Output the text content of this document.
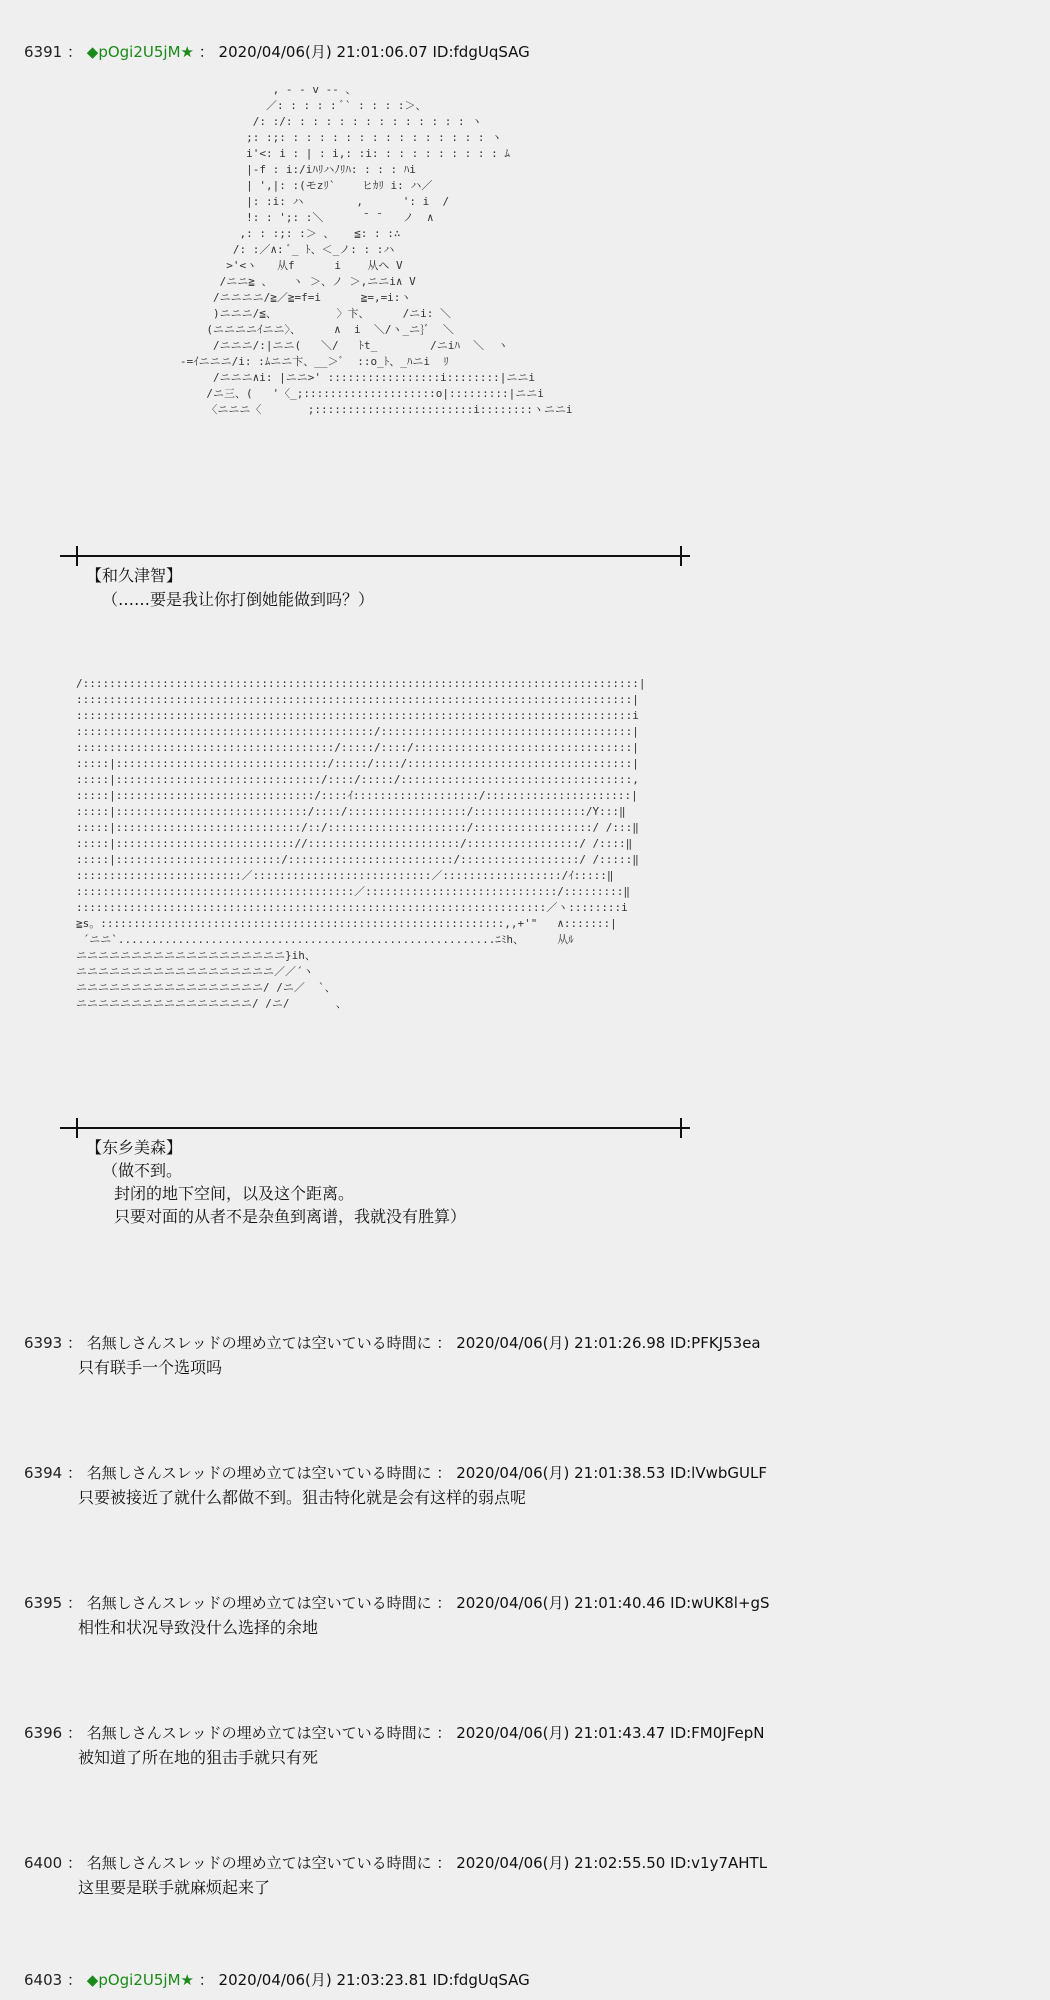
6391 ： ◆pOgi2U5jM★ ： 2020/04/06(月) 21:01:06.07 ID:fdgUqSAG
, - - v -- 、
／: : : : : ﾞ` : : : :＞、
/: :/: : : : : : : : : : : : : : ヽ
;: :;: : : : : : : : : : : : : : : : ヽ
i'<: i : | : i,: :i: : : : : : : : : : ﾑ
|-f : i:/iﾊﾘハﾉﾘﾊ: : : : ﾊi
| ',|: :(モzﾘ`    ヒｶﾘ i: ハ／
|: :i: ハ        ,      ': i  /
!: : ';: :＼      ¯ ¯   ノ  ∧
,: : :;: :＞ 、   ≦: : :∴
/: :／∧: ﾞ_ ﾄ、＜_ノ: : :ハ
>'<ヽ   从f      i    从ヘ V
/ニニ≧ 、   ヽ ＞、ノ ＞,ニニi∧ V
/ニニニニ/≧／≧=f=i      ≧=,=i:ヽ
)ニニニ/≦、         〉卞、     /ニi: ＼
(ニニニニｲニニ〉、     ∧  i  ＼/ヽ_ニ}ﾞ  ＼
/ニニニ/:|ニニ(   ＼/   ﾄt_        /ニiﾊ  ＼  ヽ
-=ｲニニニ/i: :ﾑニニ卞、__＞ﾞ  ::o_ﾄ、_ﾊニi  ﾘ
/ニニニ∧i: |ニニ>' :::::::::::::::::i::::::::|ニニi
/ニ三、(   '〈_;::::::::::::::::::::o|:::::::::|ニニi
〈ニニニ〈       ;::::::::::::::::::::::::i::::::::ヽニニi
【和久津智】
（……要是我让你打倒她能做到吗？）
/::::::::::::::::::::::::::::::::::::::::::::::::::::::::::::::::::::::::::::::::::::|
::::::::::::::::::::::::::::::::::::::::::::::::::::::::::::::::::::::::::::::::::::|
::::::::::::::::::::::::::::::::::::::::::::::::::::::::::::::::::::::::::::::::::::i
:::::::::::::::::::::::::::::::::::::::::::::/::::::::::::::::::::::::::::::::::::::|
:::::::::::::::::::::::::::::::::::::::/:::::/::::/:::::::::::::::::::::::::::::::::|
:::::|::::::::::::::::::::::::::::::::/:::::/::::/::::::::::::::::::::::::::::::::::|
:::::|:::::::::::::::::::::::::::::::/::::/:::::/:::::::::::::::::::::::::::::::::::,
:::::|::::::::::::::::::::::::::::::/::::ｲ:::::::::::::::::::/::::::::::::::::::::::|
:::::|:::::::::::::::::::::::::::::/::::/::::::::::::::::::/:::::::::::::::::/Y:::‖
:::::|::::::::::::::::::::::::::::/::/:::::::::::::::::::::/::::::::::::::::::/ /:::‖
:::::|::::::::::::::::::::::::::://:::::::::::::::::::::::/:::::::::::::::::/ /::::‖
:::::|:::::::::::::::::::::::::/:::::::::::::::::::::::::/::::::::::::::::::/ /:::::‖
:::::::::::::::::::::::::／:::::::::::::::::::::::::::／::::::::::::::::::/ｲ:::::‖
::::::::::::::::::::::::::::::::::::::::::／:::::::::::::::::::::::::::::/:::::::::‖
:::::::::::::::::::::::::::::::::::::::::::::::::::::::::::::::::::::::／ヽ::::::::i
≧s。:::::::::::::::::::::::::::::::::::::::::::::::::::::::::::::,,+'"   ∧:::::::|
´ニニ`.........................................................ﾆﾐh、     从ﾙ
ニニニニニニニニニニニニニニニニニニニ}ih、
ニニニニニニニニニニニニニニニニニニ／／´ヽ
ニニニニニニニニニニニニニニニニニ/ /ニ／  `、
ニニニニニニニニニニニニニニニニ/ /ニ/       、
【东乡美森】
（做不到。
封闭的地下空间，以及这个距离。
只要对面的从者不是杂鱼到离谱，我就没有胜算）
6393 ： 名無しさんスレッドの埋め立ては空いている時間に ： 2020/04/06(月) 21:01:26.98 ID:PFKJ53ea
只有联手一个选项吗
6394 ： 名無しさんスレッドの埋め立ては空いている時間に ： 2020/04/06(月) 21:01:38.53 ID:lVwbGULF
只要被接近了就什么都做不到。狙击特化就是会有这样的弱点呢
6395 ： 名無しさんスレッドの埋め立ては空いている時間に ： 2020/04/06(月) 21:01:40.46 ID:wUK8l+gS
相性和状况导致没什么选择的余地
6396 ： 名無しさんスレッドの埋め立ては空いている時間に ： 2020/04/06(月) 21:01:43.47 ID:FM0JFepN
被知道了所在地的狙击手就只有死
6400 ： 名無しさんスレッドの埋め立ては空いている時間に ： 2020/04/06(月) 21:02:55.50 ID:v1y7AHTL
这里要是联手就麻烦起来了
6403 ： ◆pOgi2U5jM★ ： 2020/04/06(月) 21:03:23.81 ID:fdgUqSAG
